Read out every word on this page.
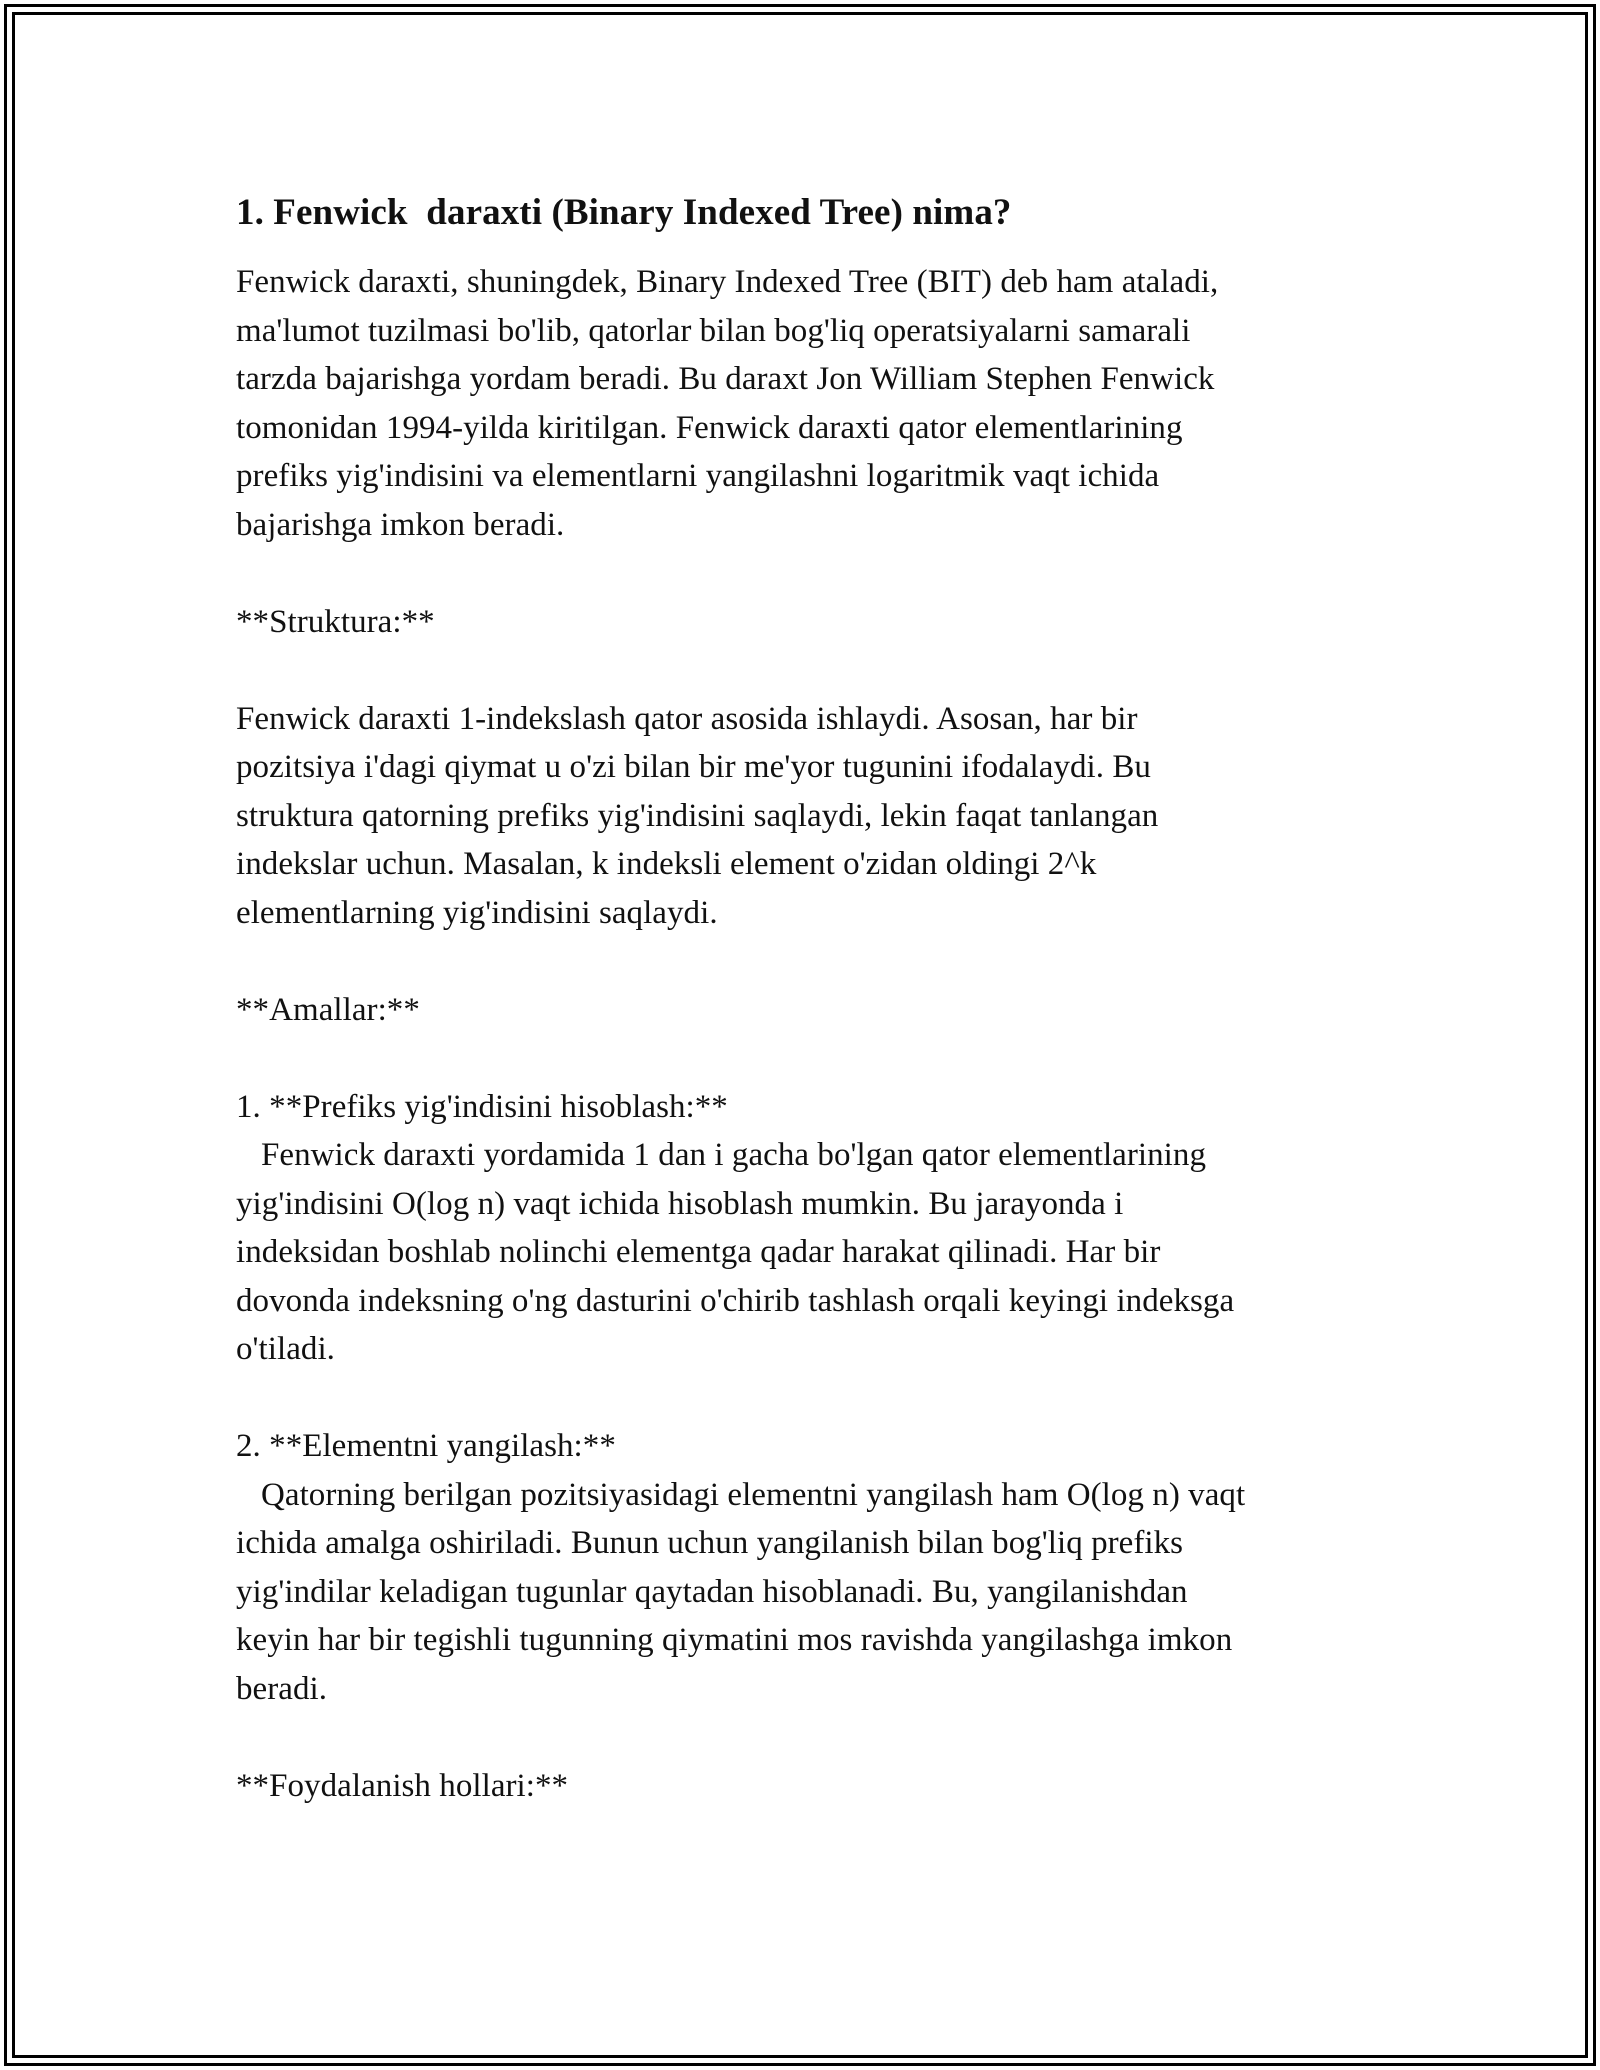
1. Fenwick  daraxti (Binary Indexed Tree) nima?
Fenwick daraxti, shuningdek, Binary Indexed Tree (BIT) deb ham ataladi,
ma'lumot tuzilmasi bo'lib, qatorlar bilan bog'liq operatsiyalarni samarali
tarzda bajarishga yordam beradi. Bu daraxt Jon William Stephen Fenwick
tomonidan 1994-yilda kiritilgan. Fenwick daraxti qator elementlarining
prefiks yig'indisini va elementlarni yangilashni logaritmik vaqt ichida
bajarishga imkon beradi.
**Struktura:**
Fenwick daraxti 1-indekslash qator asosida ishlaydi. Asosan, har bir
pozitsiya i'dagi qiymat u o'zi bilan bir me'yor tugunini ifodalaydi. Bu
struktura qatorning prefiks yig'indisini saqlaydi, lekin faqat tanlangan
indekslar uchun. Masalan, k indeksli element o'zidan oldingi 2^k
elementlarning yig'indisini saqlaydi.
**Amallar:**
1. **Prefiks yig'indisini hisoblash:**
Fenwick daraxti yordamida 1 dan i gacha bo'lgan qator elementlarining
yig'indisini O(log n) vaqt ichida hisoblash mumkin. Bu jarayonda i
indeksidan boshlab nolinchi elementga qadar harakat qilinadi. Har bir
dovonda indeksning o'ng dasturini o'chirib tashlash orqali keyingi indeksga
o'tiladi.
2. **Elementni yangilash:**
Qatorning berilgan pozitsiyasidagi elementni yangilash ham O(log n) vaqt
ichida amalga oshiriladi. Bunun uchun yangilanish bilan bog'liq prefiks
yig'indilar keladigan tugunlar qaytadan hisoblanadi. Bu, yangilanishdan
keyin har bir tegishli tugunning qiymatini mos ravishda yangilashga imkon
beradi.
**Foydalanish hollari:**
